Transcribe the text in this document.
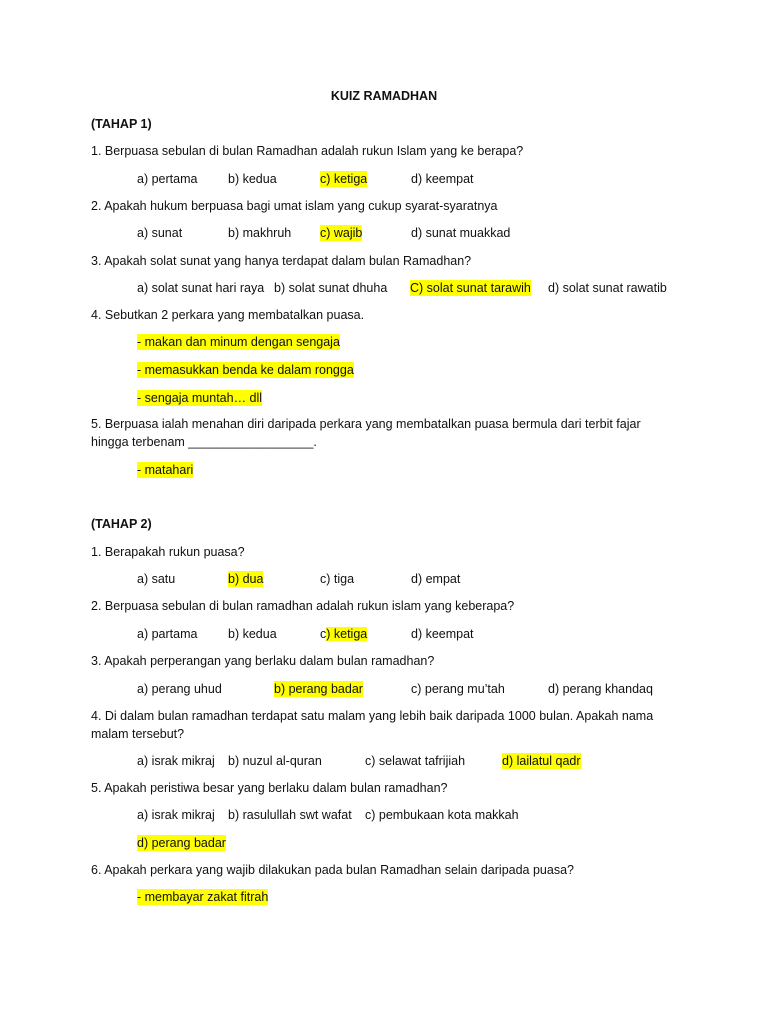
KUIZ RAMADHAN
(TAHAP 1)
1. Berpuasa sebulan di bulan Ramadhan adalah rukun Islam yang ke berapa?
a) pertama b) kedua	c) ketiga	d) keempat
2. Apakah hukum berpuasa bagi umat islam yang cukup syarat-syaratnya
a) sunat	b) makhruh c) wajib	d) sunat muakkad
3. Apakah solat sunat yang hanya terdapat dalam bulan Ramadhan?
a) solat sunat hari raya b) solat sunat dhuha C) solat sunat tarawih d) solat sunat rawatib
4. Sebutkan 2 perkara yang membatalkan puasa.
- makan dan minum dengan sengaja
- memasukkan benda ke dalam rongga
- sengaja muntah… dll
5. Berpuasa ialah menahan diri daripada perkara yang membatalkan puasa bermula dari terbit fajar
hingga terbenam __________________.
- matahari
(TAHAP 2)
1. Berapakah rukun puasa?
a) satu	b) dua	c) tiga	d) empat
2. Berpuasa sebulan di bulan ramadhan adalah rukun islam yang keberapa?
a) partama b) kedua	c) ketiga	d) keempat
3. Apakah perperangan yang berlaku dalam bulan ramadhan?
a) perang uhud	b) perang badar	c) perang mu’tah	d) perang khandaq
4. Di dalam bulan ramadhan terdapat satu malam yang lebih baik daripada 1000 bulan. Apakah nama
malam tersebut?
a) israk mikraj b) nuzul al-quran	c) selawat tafrijiah	d) lailatul qadr
5. Apakah peristiwa besar yang berlaku dalam bulan ramadhan?
a) israk mikraj b) rasulullah swt wafat c) pembukaan kota makkah
d) perang badar
6. Apakah perkara yang wajib dilakukan pada bulan Ramadhan selain daripada puasa?
- membayar zakat fitrah
